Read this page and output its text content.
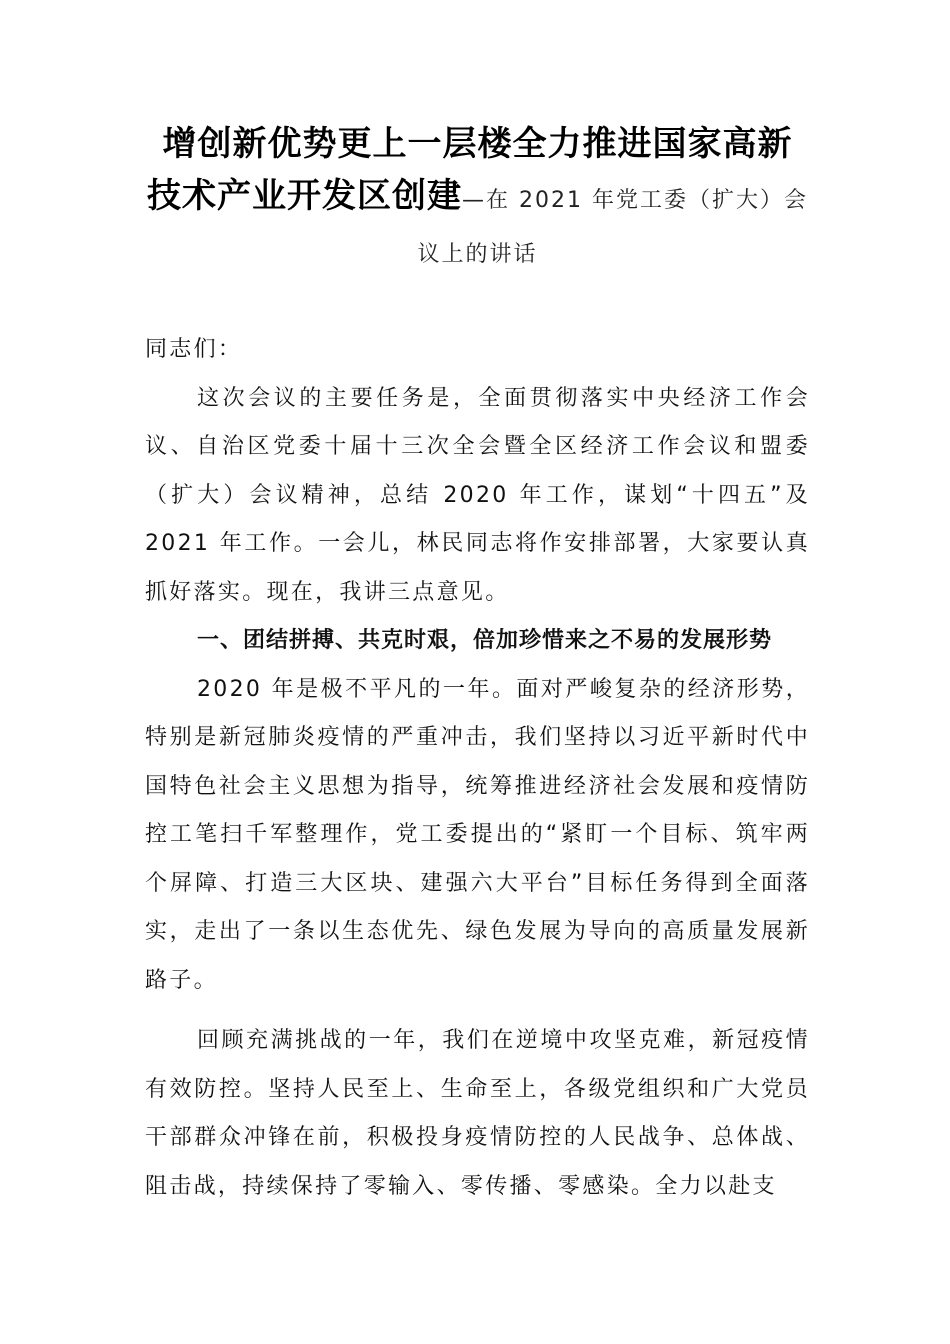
增创新优势更上一层楼全力推进国家高新
技术产业开发区创建—在 2021 年党工委（扩大）会
议上的讲话

同志们：

这次会议的主要任务是，全面贯彻落实中央经济工作会议、自治区党委十届十三次全会暨全区经济工作会议和盟委（扩大）会议精神，总结 2020 年工作，谋划“十四五”及 2021 年工作。一会儿，林民同志将作安排部署，大家要认真抓好落实。现在，我讲三点意见。

一、团结拼搏、共克时艰，倍加珍惜来之不易的发展形势

2020 年是极不平凡的一年。面对严峻复杂的经济形势，特别是新冠肺炎疫情的严重冲击，我们坚持以习近平新时代中国特色社会主义思想为指导，统筹推进经济社会发展和疫情防控工笔扫千军整理作，党工委提出的“紧盯一个目标、筑牢两个屏障、打造三大区块、建强六大平台”目标任务得到全面落实，走出了一条以生态优先、绿色发展为导向的高质量发展新路子。

回顾充满挑战的一年，我们在逆境中攻坚克难，新冠疫情有效防控。坚持人民至上、生命至上，各级党组织和广大党员干部群众冲锋在前，积极投身疫情防控的人民战争、总体战、阻击战，持续保持了零输入、零传播、零感染。全力以赴支
